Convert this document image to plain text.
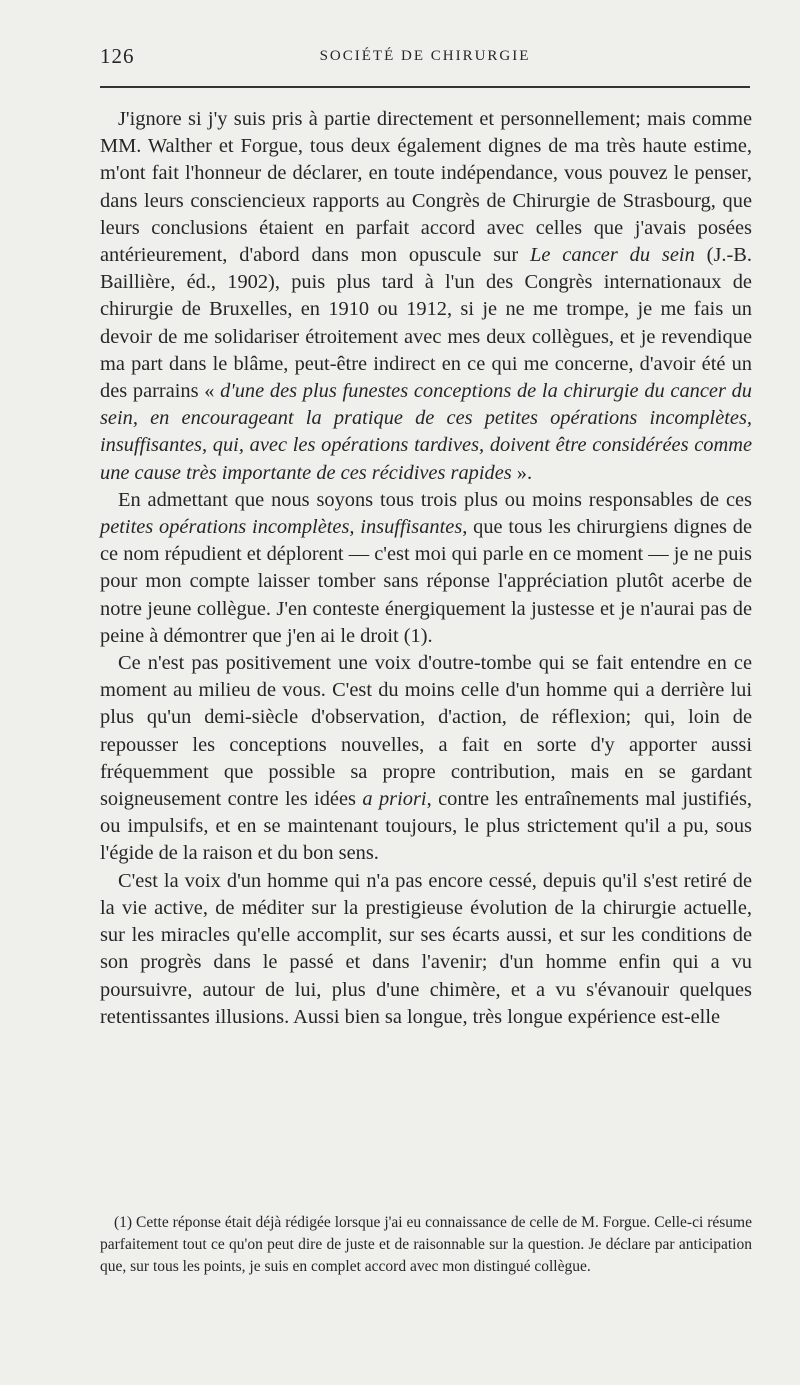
126	SOCIÉTÉ DE CHIRURGIE

J'ignore si j'y suis pris à partie directement et personnellement; mais comme MM. Walther et Forgue, tous deux également dignes de ma très haute estime, m'ont fait l'honneur de déclarer, en toute indépendance, vous pouvez le penser, dans leurs consciencieux rapports au Congrès de Chirurgie de Strasbourg, que leurs conclusions étaient en parfait accord avec celles que j'avais posées antérieurement, d'abord dans mon opuscule sur Le cancer du sein (J.-B. Baillière, éd., 1902), puis plus tard à l'un des Congrès internationaux de chirurgie de Bruxelles, en 1910 ou 1912, si je ne me trompe, je me fais un devoir de me solidariser étroitement avec mes deux collègues, et je revendique ma part dans le blâme, peut-être indirect en ce qui me concerne, d'avoir été un des parrains « d'une des plus funestes conceptions de la chirurgie du cancer du sein, en encourageant la pratique de ces petites opérations incomplètes, insuffisantes, qui, avec les opérations tardives, doivent être considérées comme une cause très importante de ces récidives rapides ».

En admettant que nous soyons tous trois plus ou moins responsables de ces petites opérations incomplètes, insuffisantes, que tous les chirurgiens dignes de ce nom répudient et déplorent — c'est moi qui parle en ce moment — je ne puis pour mon compte laisser tomber sans réponse l'appréciation plutôt acerbe de notre jeune collègue. J'en conteste énergiquement la justesse et je n'aurai pas de peine à démontrer que j'en ai le droit (1).

Ce n'est pas positivement une voix d'outre-tombe qui se fait entendre en ce moment au milieu de vous. C'est du moins celle d'un homme qui a derrière lui plus qu'un demi-siècle d'observation, d'action, de réflexion; qui, loin de repousser les conceptions nouvelles, a fait en sorte d'y apporter aussi fréquemment que possible sa propre contribution, mais en se gardant soigneusement contre les idées a priori, contre les entraînements mal justifiés, ou impulsifs, et en se maintenant toujours, le plus strictement qu'il a pu, sous l'égide de la raison et du bon sens.

C'est la voix d'un homme qui n'a pas encore cessé, depuis qu'il s'est retiré de la vie active, de méditer sur la prestigieuse évolution de la chirurgie actuelle, sur les miracles qu'elle accomplit, sur ses écarts aussi, et sur les conditions de son progrès dans le passé et dans l'avenir; d'un homme enfin qui a vu poursuivre, autour de lui, plus d'une chimère, et a vu s'évanouir quelques retentissantes illusions. Aussi bien sa longue, très longue expérience est-elle

(1) Cette réponse était déjà rédigée lorsque j'ai eu connaissance de celle de M. Forgue. Celle-ci résume parfaitement tout ce qu'on peut dire de juste et de raisonnable sur la question. Je déclare par anticipation que, sur tous les points, je suis en complet accord avec mon distingué collègue.
